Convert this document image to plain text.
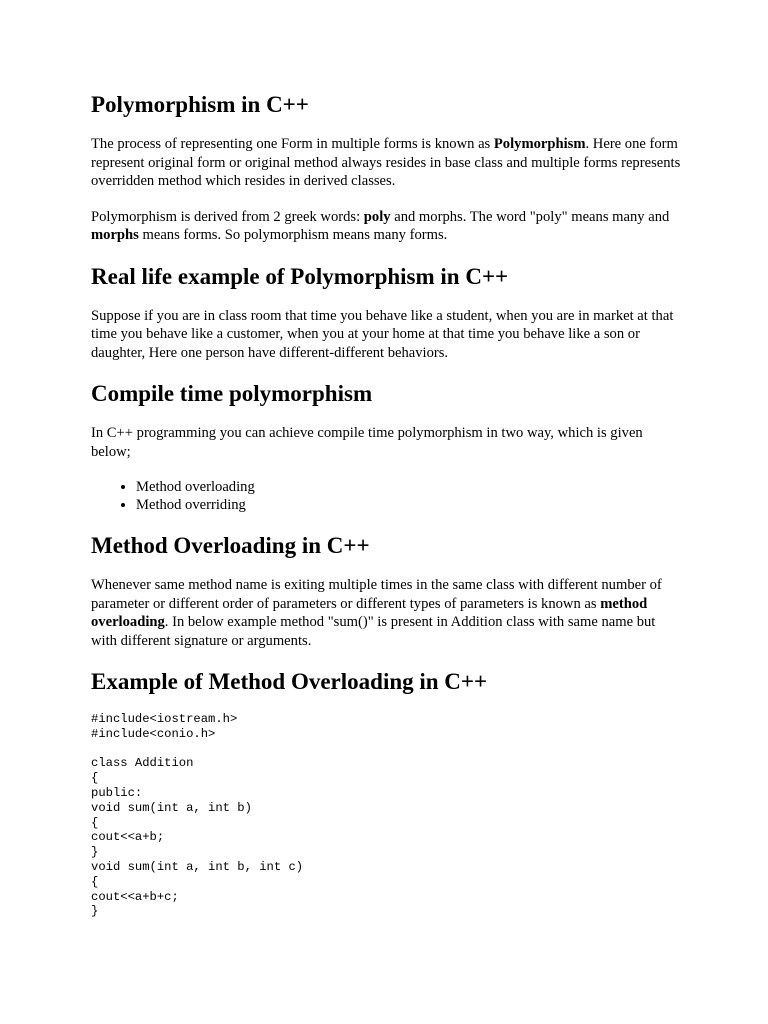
Polymorphism in C++

The process of representing one Form in multiple forms is known as Polymorphism. Here one form represent original form or original method always resides in base class and multiple forms represents overridden method which resides in derived classes.

Polymorphism is derived from 2 greek words: poly and morphs. The word "poly" means many and morphs means forms. So polymorphism means many forms.

Real life example of Polymorphism in C++

Suppose if you are in class room that time you behave like a student, when you are in market at that time you behave like a customer, when you at your home at that time you behave like a son or daughter, Here one person have different-different behaviors.

Compile time polymorphism

In C++ programming you can achieve compile time polymorphism in two way, which is given below;

• Method overloading
• Method overriding
Method Overloading in C++

Whenever same method name is exiting multiple times in the same class with different number of parameter or different order of parameters or different types of parameters is known as method overloading. In below example method "sum()" is present in Addition class with same name but with different signature or arguments.

Example of Method Overloading in C++
#include<iostream.h>
#include<conio.h>

class Addition
{
public:
void sum(int a, int b)
{
cout<<a+b;
}
void sum(int a, int b, int c)
{
cout<<a+b+c;
}
